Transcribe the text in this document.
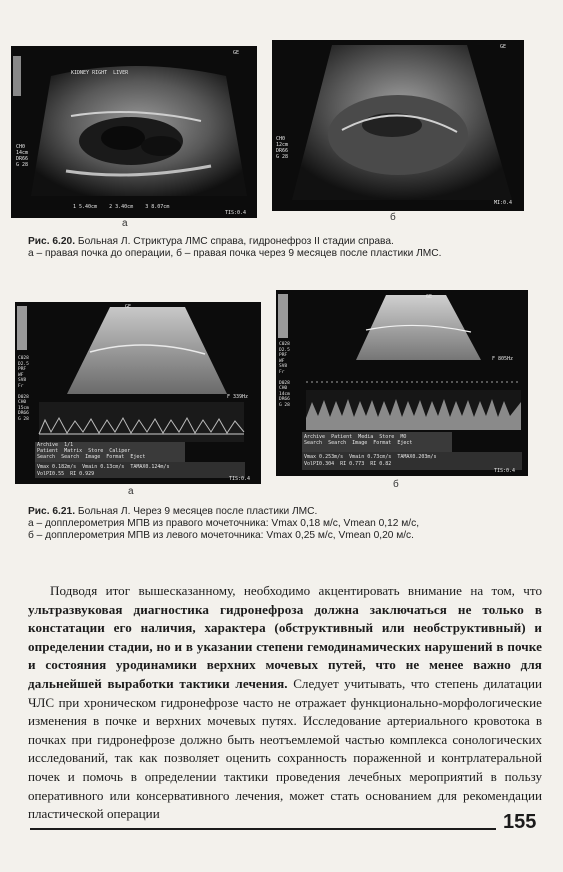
KIDNEY RIGHT  LIVER
GE
CH0
14cm
DR66
G 28
1 5.40cm    2 3.40cm    3 8.07cm
TIS:0.4
а
GE
CH0
12cm
DR66
G 28
MI:0.4
б
Рис. 6.20. Больная Л. Стриктура ЛМС справа, гидронефроз II стадии справа.
а – правая почка до операции, б – правая почка через 9 месяцев после пластики ЛМС.
GE
C028
D2.5
PRF
WF
SV8
Fr

D028
CH0
15cm
DR66
G 28
F 339Hz
Archive  1/1
Patient  Matrix  Store  Caliper
Search  Search  Image  Format  Eject
Vmax 0.182m/s  Vmain 0.13cm/s  TAMAX0.124m/s
VolPI0.55  RI 0.929
TIS:0.4
а
GE
C028
D2.5
PRF
WF
SV8
Fr

D028
CH0
14cm
DR66
G 28
F 805Hz
Archive  Patient  Media  Store  MO
Search  Search  Image  Format  Eject
Vmax 0.253m/s  Vmain 0.73cm/s  TAMAX0.203m/s
VolPI0.304  RI 0.773  RI 0.82
TIS:0.4
б
Рис. 6.21. Больная Л. Через 9 месяцев после пластики ЛМС.
а – допплерометрия МПВ из правого мочеточника: Vmax 0,18 м/с, Vmean 0,12 м/с,
б – допплерометрия МПВ из левого мочеточника: Vmax 0,25 м/с, Vmean 0,20 м/с.
Подводя итог вышесказанному, необходимо акцентировать внимание на том, что ультразвуковая диагностика гидронефроза должна заключаться не только в констатации его наличия, характера (обструктивный или необструктивный) и определении стадии, но и в указании степени гемодинамических нарушений в почке и состояния уродинамики верхних мочевых путей, что не менее важно для дальнейшей выработки тактики лечения. Следует учитывать, что степень дилатации ЧЛС при хроническом гидронефрозе часто не отражает функционально-морфологические изменения в почке и верхних мочевых путях. Исследование артериального кровотока в почках при гидронефрозе должно быть неотъемлемой частью комплекса сонологических исследований, так как позволяет оценить сохранность пораженной и контрлатеральной почек и помочь в определении тактики проведения лечебных мероприятий в пользу оперативного или консервативного лечения, может стать основанием для рекомендации пластической операции	155
